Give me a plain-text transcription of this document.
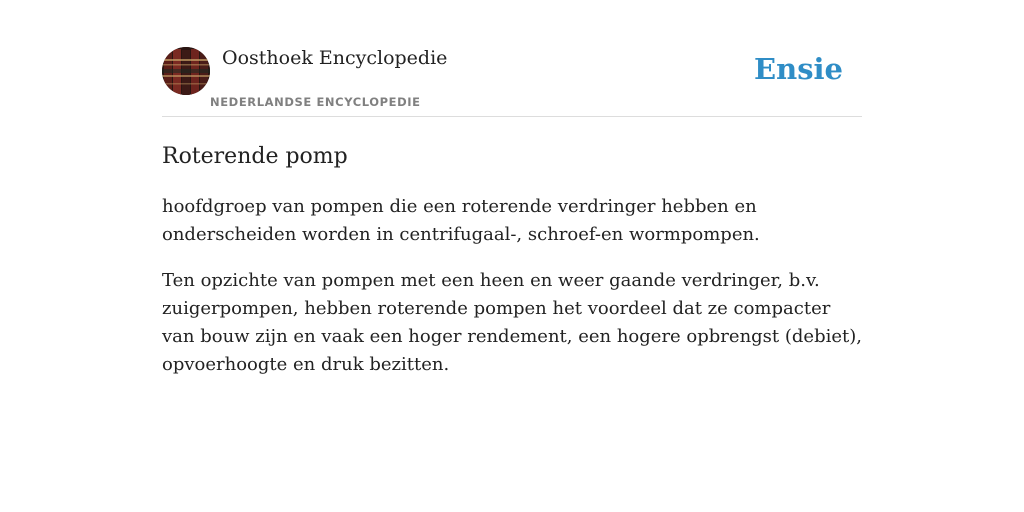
Oosthoek Encyclopedie
NEDERLANDSE ENCYCLOPEDIE
Ensie
Roterende pomp

hoofdgroep van pompen die een roterende verdringer hebben en onderscheiden worden in centrifugaal-, schroef-en wormpompen.

Ten opzichte van pompen met een heen en weer gaande verdringer, b.v. zuigerpompen, hebben roterende pompen het voordeel dat ze compacter van bouw zijn en vaak een hoger rendement, een hogere opbrengst (debiet), opvoerhoogte en druk bezitten.
